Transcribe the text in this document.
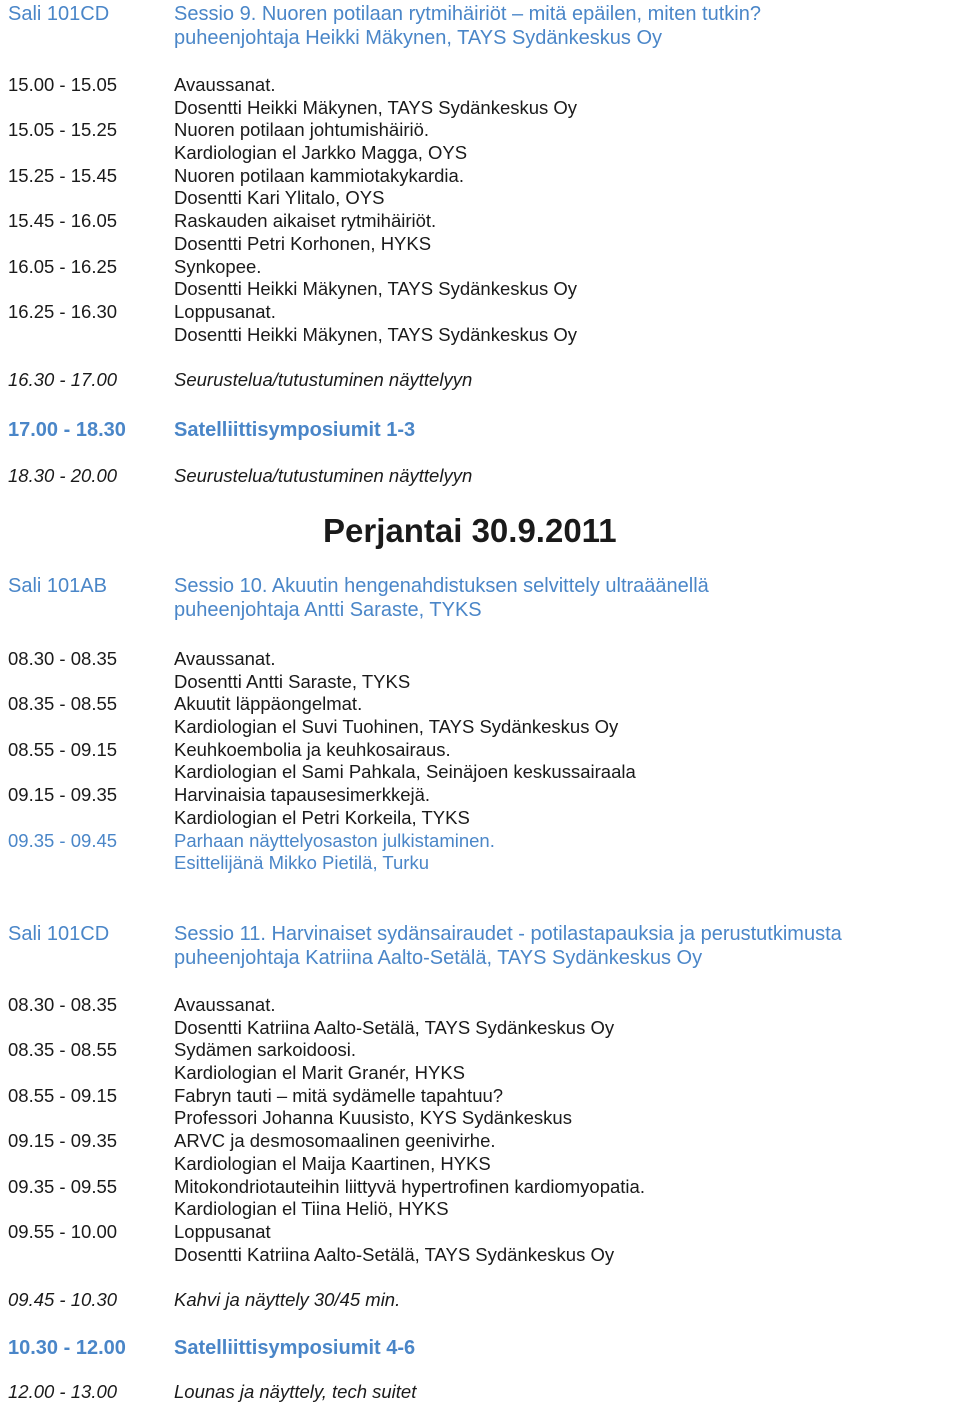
Sali 101CD	Sessio 9. Nuoren potilaan rytmihäiriöt – mitä epäilen, miten tutkin?
puheenjohtaja Heikki Mäkynen, TAYS Sydänkeskus Oy
15.00 - 15.05	Avaussanat.
Dosentti Heikki Mäkynen, TAYS Sydänkeskus Oy
15.05 - 15.25	Nuoren potilaan johtumishäiriö.
Kardiologian el Jarkko Magga, OYS
15.25 - 15.45	Nuoren potilaan kammiotakykardia.
Dosentti Kari Ylitalo, OYS
15.45 - 16.05	Raskauden aikaiset rytmihäiriöt.
Dosentti Petri Korhonen, HYKS
16.05 - 16.25	Synkopee.
Dosentti Heikki Mäkynen, TAYS Sydänkeskus Oy
16.25 - 16.30	Loppusanat.
Dosentti Heikki Mäkynen, TAYS Sydänkeskus Oy
16.30 - 17.00	Seurustelua/tutustuminen näyttelyyn
17.00 - 18.30 Satelliittisymposiumit 1-3
18.30 - 20.00	Seurustelua/tutustuminen näyttelyyn
Perjantai 30.9.2011
Sali 101AB	Sessio 10. Akuutin hengenahdistuksen selvittely ultraäänellä
puheenjohtaja Antti Saraste, TYKS
08.30 - 08.35	Avaussanat.
Dosentti Antti Saraste, TYKS
08.35 - 08.55	Akuutit läppäongelmat.
Kardiologian el Suvi Tuohinen, TAYS Sydänkeskus Oy
08.55 - 09.15	Keuhkoembolia ja keuhkosairaus.
Kardiologian el Sami Pahkala, Seinäjoen keskussairaala
09.15 - 09.35	Harvinaisia tapausesimerkkejä.
Kardiologian el Petri Korkeila, TYKS
09.35 - 09.45	Parhaan näyttelyosaston julkistaminen.
Esittelijänä Mikko Pietilä, Turku
Sali 101CD	Sessio 11. Harvinaiset sydänsairaudet - potilastapauksia ja perustutkimusta
puheenjohtaja Katriina Aalto-Setälä, TAYS Sydänkeskus Oy
08.30 - 08.35	Avaussanat.
Dosentti Katriina Aalto-Setälä, TAYS Sydänkeskus Oy
08.35 - 08.55	Sydämen sarkoidoosi.
Kardiologian el Marit Granér, HYKS
08.55 - 09.15	Fabryn tauti – mitä sydämelle tapahtuu?
Professori Johanna Kuusisto, KYS Sydänkeskus
09.15 - 09.35	ARVC ja desmosomaalinen geenivirhe.
Kardiologian el Maija Kaartinen, HYKS
09.35 - 09.55	Mitokondriotauteihin liittyvä hypertrofinen kardiomyopatia.
Kardiologian el Tiina Heliö, HYKS
09.55 - 10.00	Loppusanat
Dosentti Katriina Aalto-Setälä, TAYS Sydänkeskus Oy
09.45 - 10.30	Kahvi ja näyttely 30/45 min.
10.30 - 12.00 Satelliittisymposiumit 4-6
12.00 - 13.00	Lounas ja näyttely, tech suitet
